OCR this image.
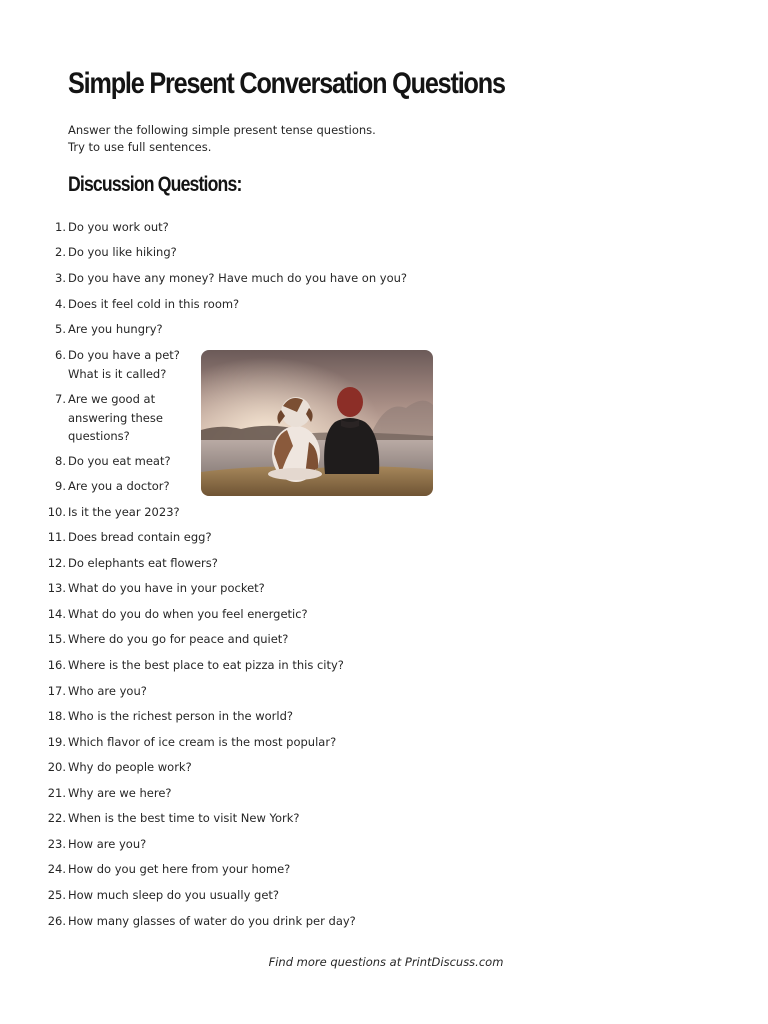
Simple Present Conversation Questions
Answer the following simple present tense questions.
Try to use full sentences.
Discussion Questions:
1. Do you work out?
2. Do you like hiking?
3. Do you have any money? Have much do you have on you?
4. Does it feel cold in this room?
5. Are you hungry?
6. Do you have a pet?
What is it called?
7. Are we good at
answering these
questions?
8. Do you eat meat?
9. Are you a doctor?
10. Is it the year 2023?
11. Does bread contain egg?
12. Do elephants eat flowers?
13. What do you have in your pocket?
14. What do you do when you feel energetic?
15. Where do you go for peace and quiet?
16. Where is the best place to eat pizza in this city?
17. Who are you?
18. Who is the richest person in the world?
19. Which flavor of ice cream is the most popular?
20. Why do people work?
21. Why are we here?
22. When is the best time to visit New York?
23. How are you?
24. How do you get here from your home?
25. How much sleep do you usually get?
26. How many glasses of water do you drink per day?
Find more questions at PrintDiscuss.com
